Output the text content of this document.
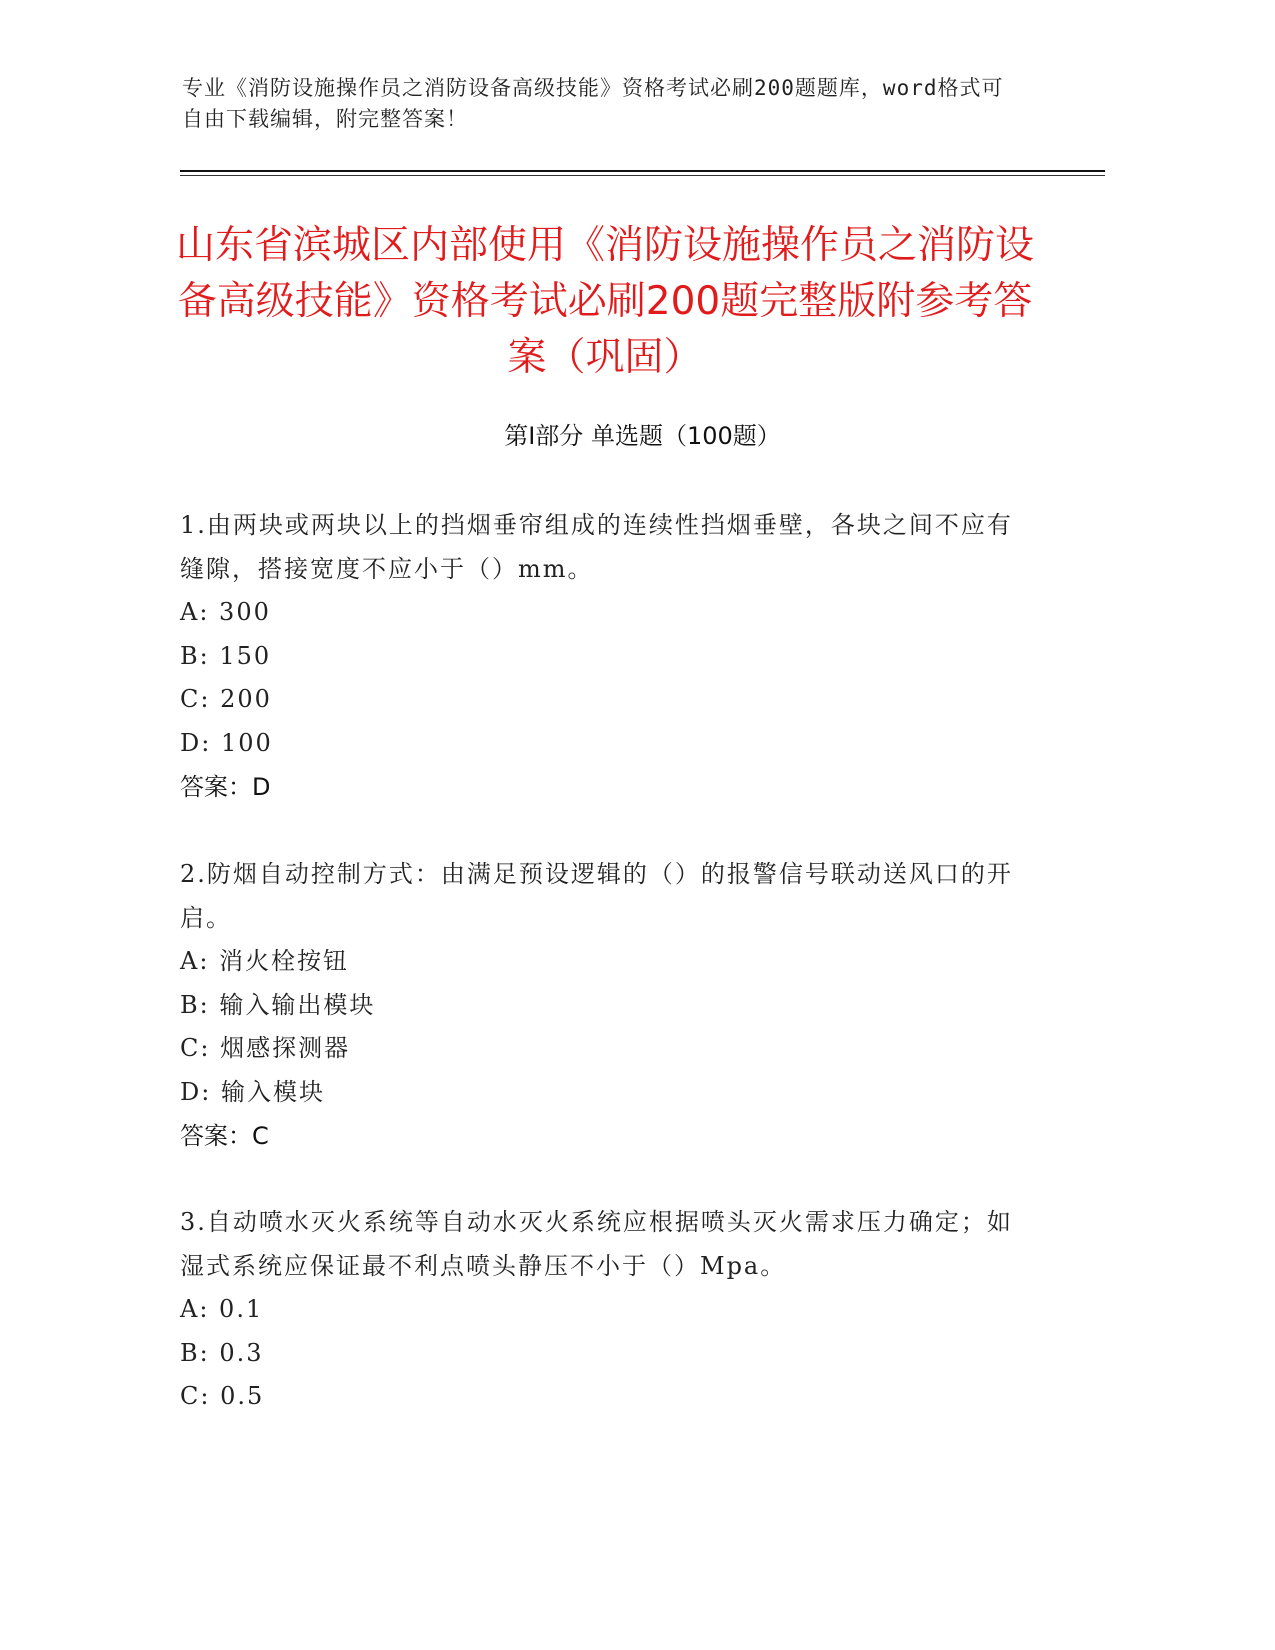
专业《消防设施操作员之消防设备高级技能》资格考试必刷200题题库，word格式可自由下载编辑，附完整答案！
山东省滨城区内部使用《消防设施操作员之消防设备高级技能》资格考试必刷200题完整版附参考答案（巩固）
第Ⅰ部分 单选题（100题）
1.由两块或两块以上的挡烟垂帘组成的连续性挡烟垂壁，各块之间不应有缝隙，搭接宽度不应小于（）mm。
A: 300
B: 150
C: 200
D: 100
答案：D
2.防烟自动控制方式：由满足预设逻辑的（）的报警信号联动送风口的开启。
A: 消火栓按钮
B: 输入输出模块
C: 烟感探测器
D: 输入模块
答案：C
3.自动喷水灭火系统等自动水灭火系统应根据喷头灭火需求压力确定；如湿式系统应保证最不利点喷头静压不小于（）Mpa。
A: 0.1
B: 0.3
C: 0.5
